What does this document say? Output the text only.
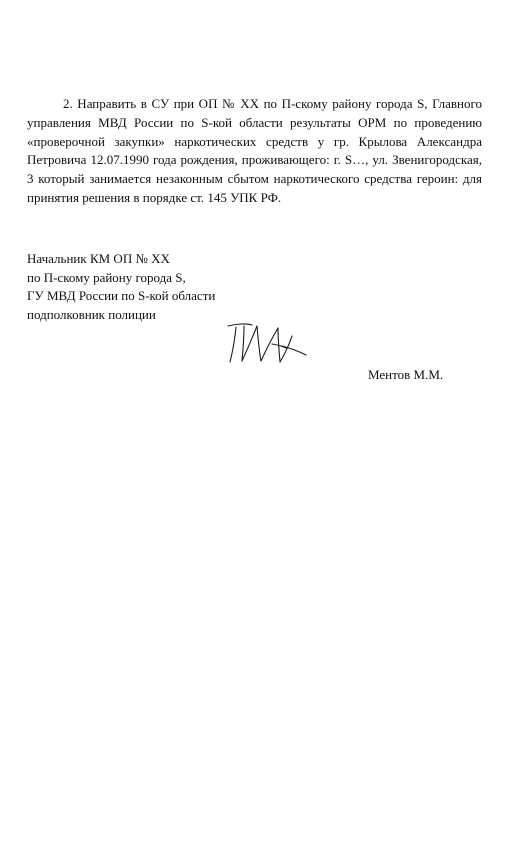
2. Направить в СУ при ОП № XX по П-скому району города S, Главного управления МВД России по S-кой области результаты ОРМ по проведению «проверочной закупки» наркотических средств у гр. Крылова Александра Петровича 12.07.1990 года рождения, проживающего: г. S…, ул. Звенигородская, 3 который занимается незаконным сбытом наркотического средства героин: для принятия решения в порядке ст. 145 УПК РФ.

Начальник КМ ОП № XX
по П-скому району города S,
ГУ МВД России по S-кой области
подполковник полиции
Ментов М.М.
